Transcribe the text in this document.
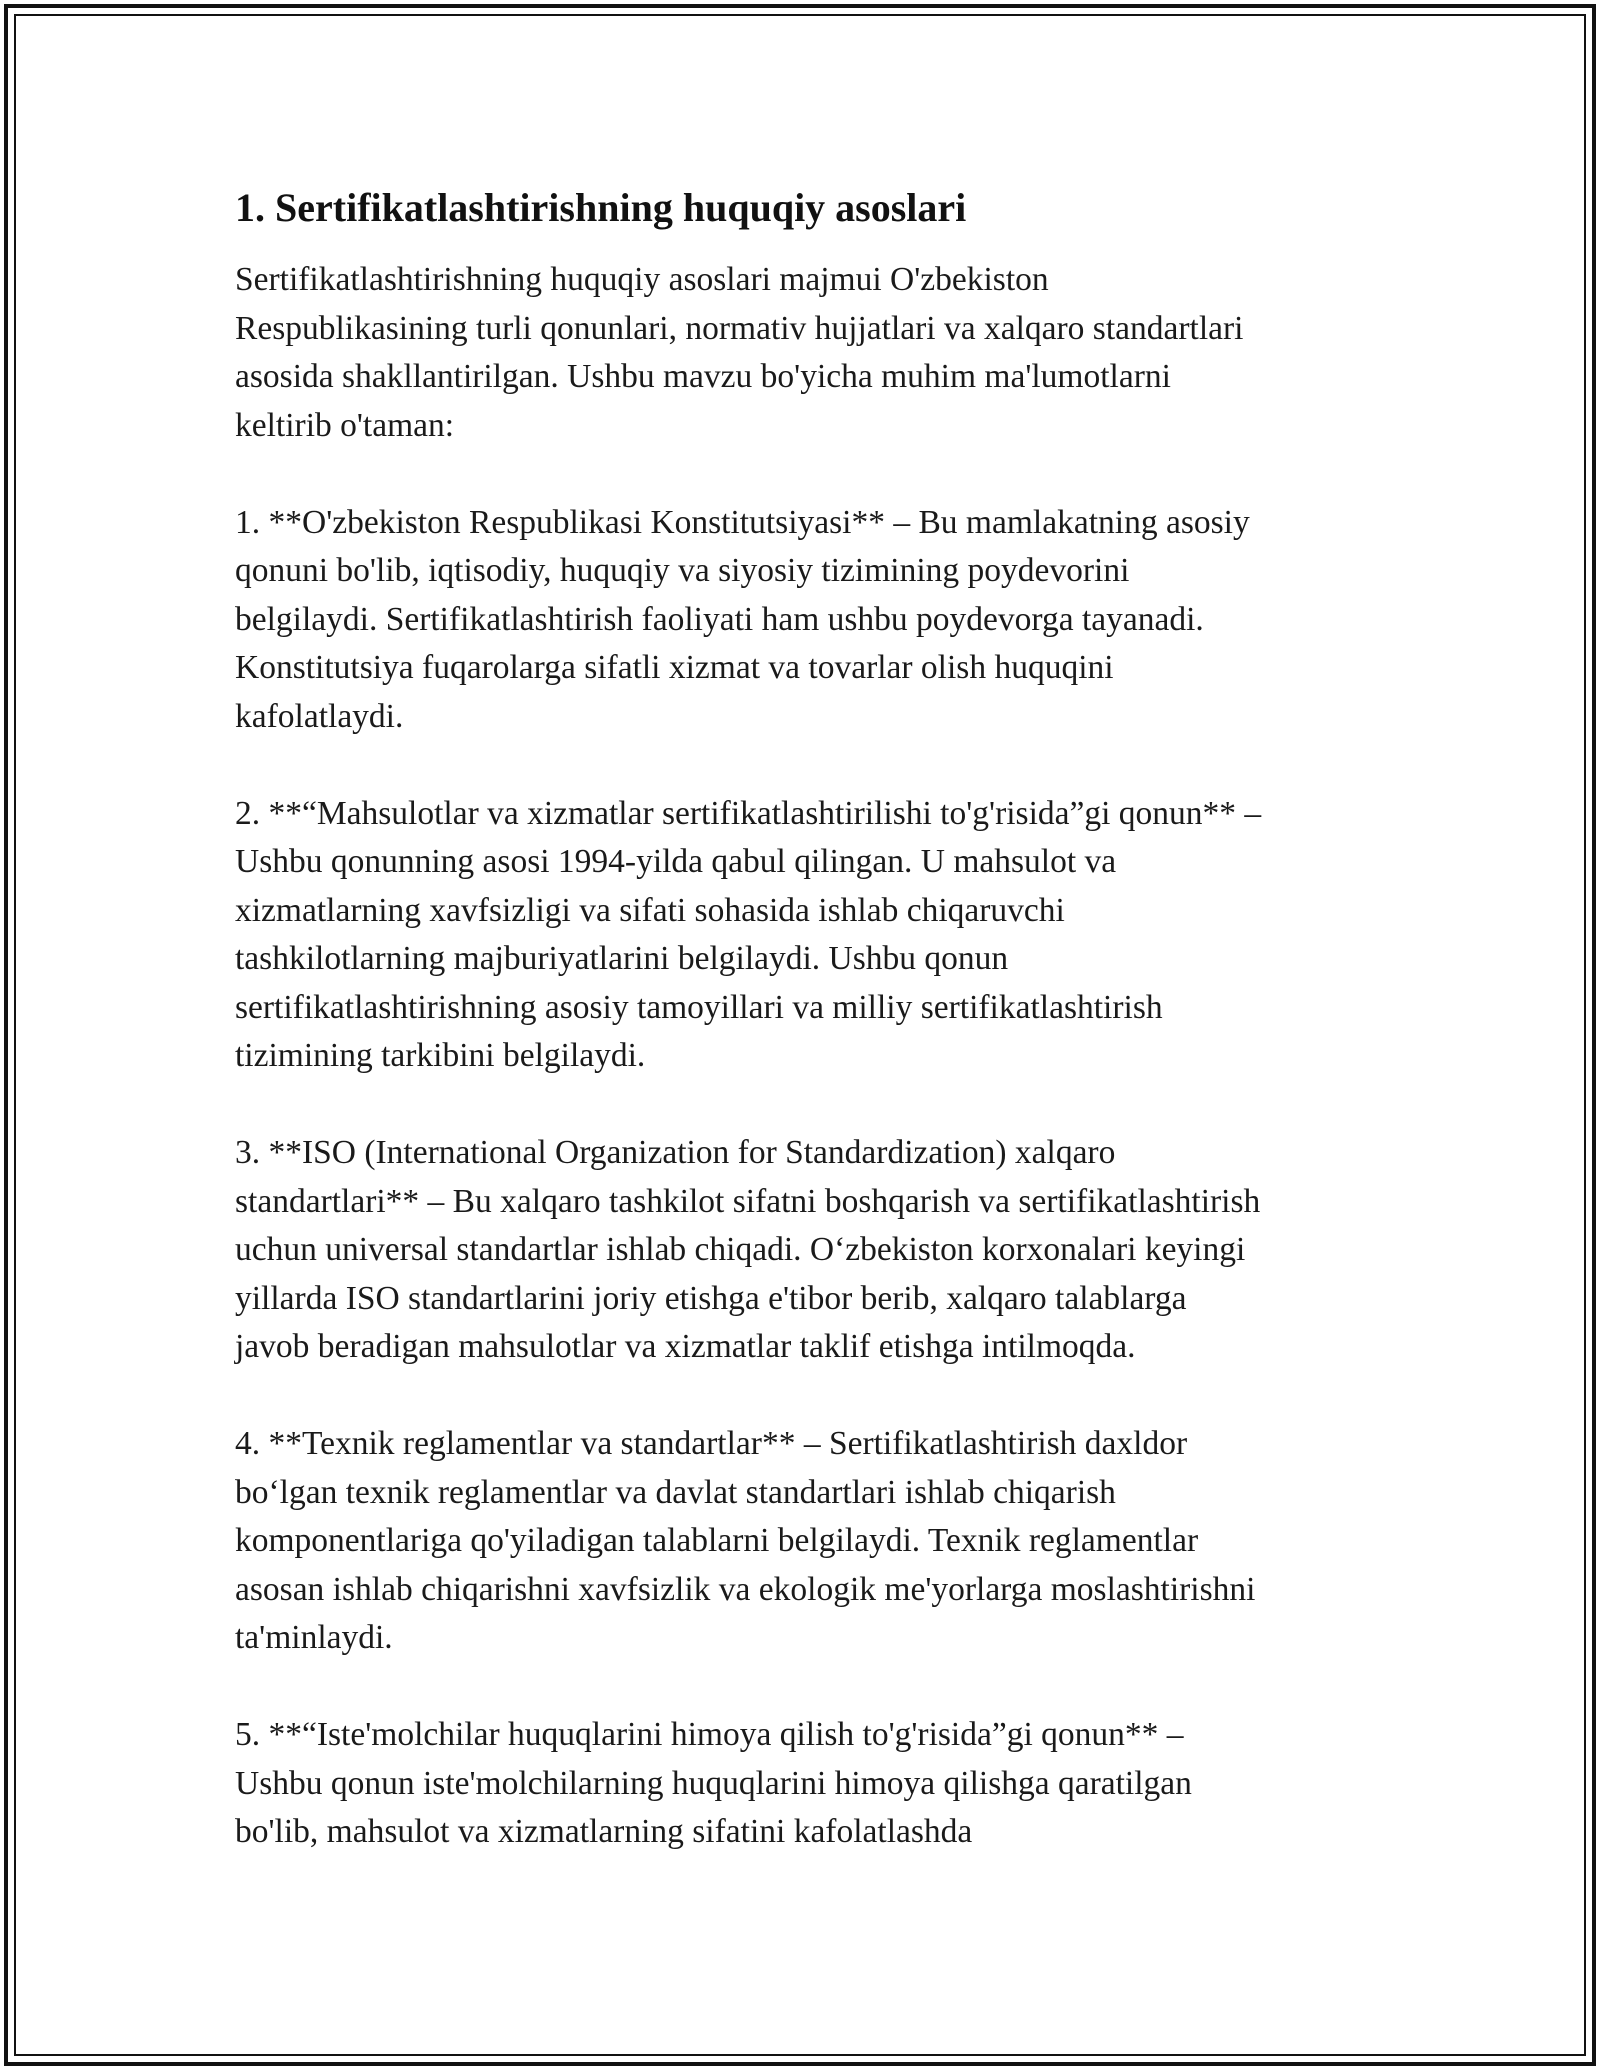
1. Sertifikatlashtirishning huquqiy asoslari

Sertifikatlashtirishning huquqiy asoslari majmui O'zbekiston
Respublikasining turli qonunlari, normativ hujjatlari va xalqaro standartlari
asosida shakllantirilgan. Ushbu mavzu bo'yicha muhim ma'lumotlarni
keltirib o'taman:

1. **O'zbekiston Respublikasi Konstitutsiyasi** – Bu mamlakatning asosiy
qonuni bo'lib, iqtisodiy, huquqiy va siyosiy tizimining poydevorini
belgilaydi. Sertifikatlashtirish faoliyati ham ushbu poydevorga tayanadi.
Konstitutsiya fuqarolarga sifatli xizmat va tovarlar olish huquqini
kafolatlaydi.

2. **“Mahsulotlar va xizmatlar sertifikatlashtirilishi to'g'risida”gi qonun** –
Ushbu qonunning asosi 1994-yilda qabul qilingan. U mahsulot va
xizmatlarning xavfsizligi va sifati sohasida ishlab chiqaruvchi
tashkilotlarning majburiyatlarini belgilaydi. Ushbu qonun
sertifikatlashtirishning asosiy tamoyillari va milliy sertifikatlashtirish
tizimining tarkibini belgilaydi.

3. **ISO (International Organization for Standardization) xalqaro
standartlari** – Bu xalqaro tashkilot sifatni boshqarish va sertifikatlashtirish
uchun universal standartlar ishlab chiqadi. O‘zbekiston korxonalari keyingi
yillarda ISO standartlarini joriy etishga e'tibor berib, xalqaro talablarga
javob beradigan mahsulotlar va xizmatlar taklif etishga intilmoqda.

4. **Texnik reglamentlar va standartlar** – Sertifikatlashtirish daxldor
bo‘lgan texnik reglamentlar va davlat standartlari ishlab chiqarish
komponentlariga qo'yiladigan talablarni belgilaydi. Texnik reglamentlar
asosan ishlab chiqarishni xavfsizlik va ekologik me'yorlarga moslashtirishni
ta'minlaydi.

5. **“Iste'molchilar huquqlarini himoya qilish to'g'risida”gi qonun** –
Ushbu qonun iste'molchilarning huquqlarini himoya qilishga qaratilgan
bo'lib, mahsulot va xizmatlarning sifatini kafolatlashda
